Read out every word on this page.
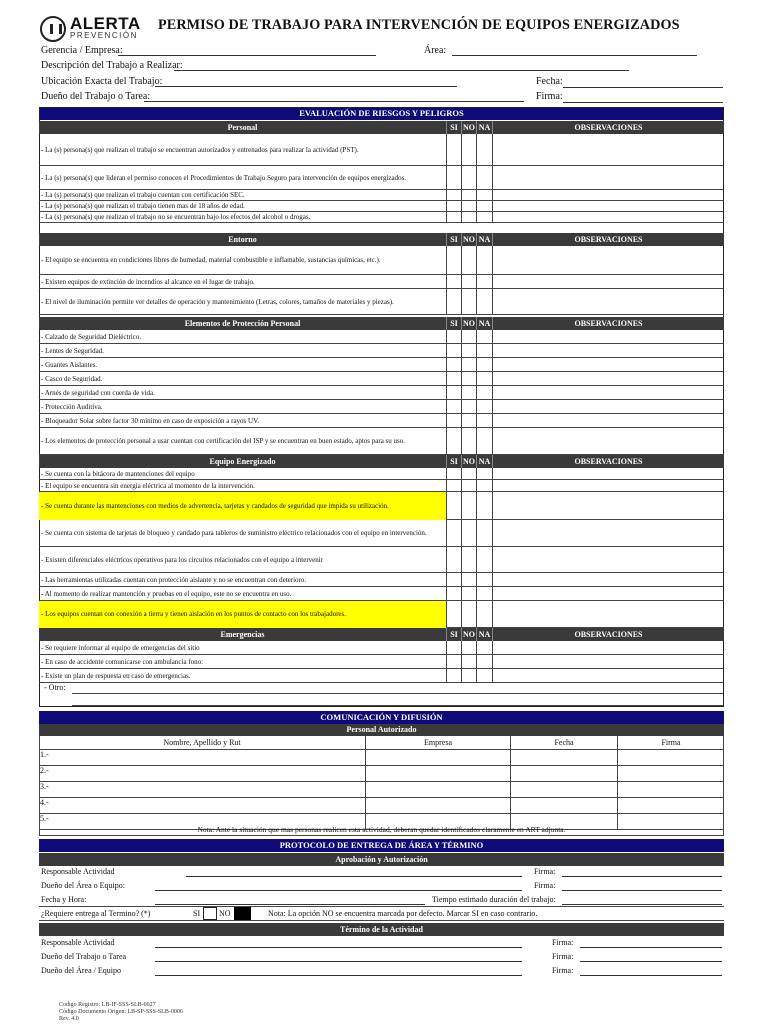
ALERTA
PREVENCIÓN
PERMISO DE TRABAJO PARA INTERVENCIÓN DE EQUIPOS ENERGIZADOS
Gerencia / Empresa:	Área:
Descripción del Trabajo a Realizar:
Ubicación Exacta del Trabajo:	Fecha:
Dueño del Trabajo o Tarea:	Firma:
EVALUACIÓN DE RIESGOS Y PELIGROS
Personal	SI NO NA	OBSERVACIONES
- La (s) persona(s) que realizan el trabajo se encuentran autorizados y entrenados para realizar la actividad (PST).
- La (s) persona(s) que lideran el permiso conocen el Procedimientos de Trabajo Seguro para intervención de equipos energizados.
- La (s) persona(s) que realizan el trabajo cuentan con certificación SEC.
- La (s) persona(s) que realizan el trabajo tienen mas de 18 años de edad.
- La (s) persona(s) que realizan el trabajo no se encuentran bajo los efectos del alcohol o drogas.
Entorno	SI NO NA	OBSERVACIONES
- El equipo se encuentra en condiciones libres de humedad, material combustible e inflamable, sustancias químicas, etc.).
- Existen equipos de extinción de incendios al alcance en el lugar de trabajo.
- El nivel de iluminación permite ver detalles de operación y mantenimiento (Letras, colores, tamaños de materiales y piezas).
Elementos de Protección Personal	SI NO NA	OBSERVACIONES
- Calzado de Seguridad Dieléctrico.
- Lentes de Seguridad.
- Guantes Aislantes.
- Casco de Seguridad.
- Arnés de seguridad con cuerda de vida.
- Protección Auditiva.
- Bloqueador Solar sobre factor 30 mínimo en caso de exposición a rayos UV.
- Los elementos de protección personal a usar cuentan con certificación del ISP y se encuentran en buen estado, aptos para su uso.
Equipo Energizado	SI NO NA	OBSERVACIONES
- Se cuenta con la bitácora de mantenciones del equipo
- El equipo se encuentra sin energía eléctrica al momento de la intervención.
- Se cuenta durante las mantenciones con medios de advertencia, tarjetas y candados de seguridad que impida su utilización.
- Se cuenta con sistema de tarjetas de bloqueo y candado para tableros de suministro eléctrico relacionados con el equipo en intervención.
- Existen diferenciales eléctricos operativos para los circuitos relacionados con el equipo a intervenir
- Las herramientas utilizadas cuentan con protección aislante y no se encuentran con deterioro.
- Al momento de realizar mantención y pruebas en el equipo, este no se encuentra en uso.
- Los equipos cuentan con conexión a tierra y tienen aislación en los puntos de contacto con los trabajadores.
Emergencias	SI NO NA	OBSERVACIONES
- Se requiere informar al equipo de emergencias del sitio
- En caso de accidente comunicarse con ambulancia fono:
- Existe un plan de respuesta en caso de emergencias.
- Otro:
COMUNICACIÓN Y DIFUSIÓN
Personal Autorizado
Nombre, Apellido y Rut	Empresa	Fecha	Firma
1.-
2.-
3.-
4.-
5.-
Nota: Ante la situación que mas personas realicen esta actividad, deberan quedar identificados claramente en ART adjunta.
PROTOCOLO DE ENTREGA DE ÁREA Y TÉRMINO
Aprobación y Autorización
Responsable Actividad	Firma:
Dueño del Área o Equipo:	Firma:
Fecha y Hora:	Tiempo estimado duración del trabajo:
¿Requiere entrega al Termino? (*)	SI NO	Nota: La opción NO se encuentra marcada por defecto. Marcar SI en caso contrario.
Término de la Actividad
Responsable Actividad	Firma:
Dueño del Trabajo o Tarea	Firma:
Dueño del Área / Equipo	Firma:
Codigo Registro: LB-IF-SSS-SLB-0027
Código Documento Origen: LB-SP-SSS-SLB-0006
Rev. 4.0
